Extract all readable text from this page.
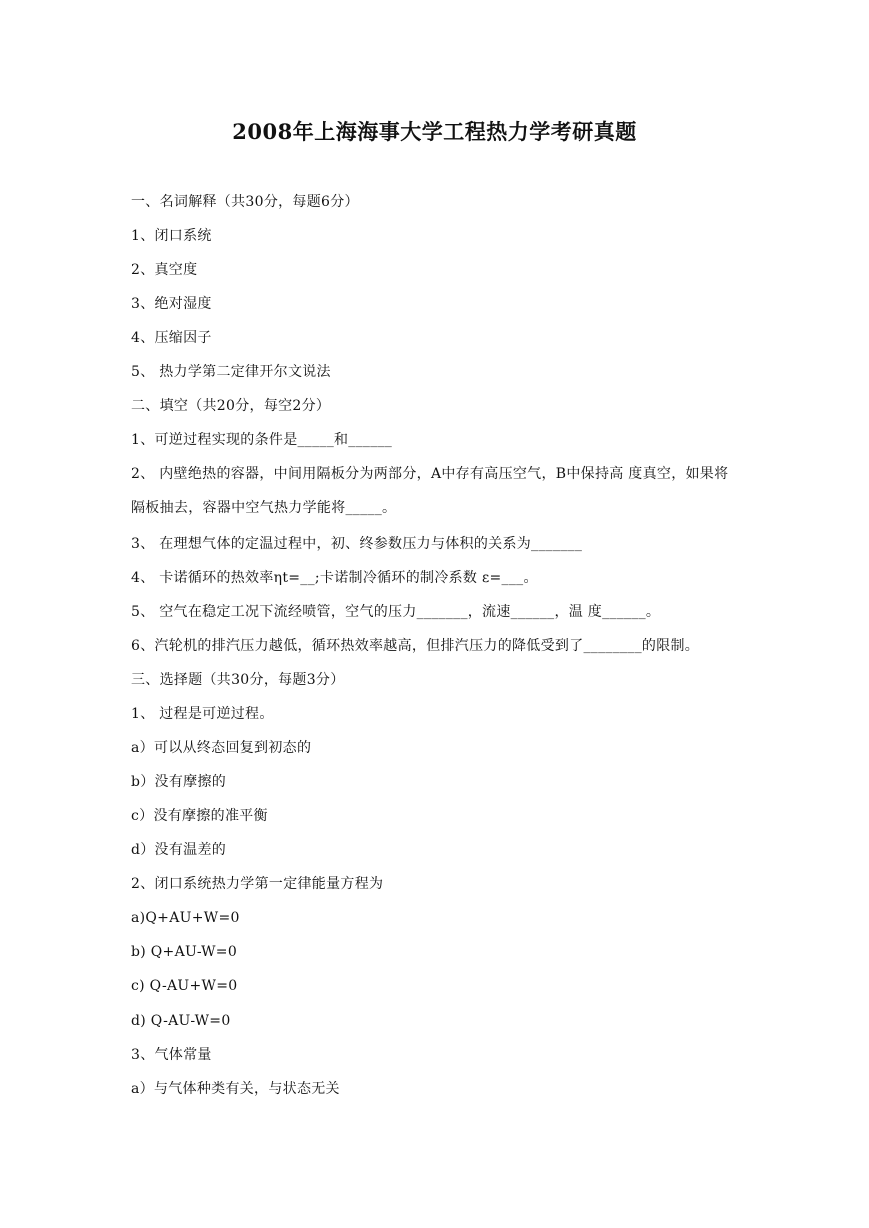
2008年上海海事大学工程热力学考研真题
一、名词解释（共30分，每题6分）
1、闭口系统
2、真空度
3、绝对湿度
4、压缩因子
5、 热力学第二定律开尔文说法
二、填空（共20分，每空2分）
1、可逆过程实现的条件是_____和______
2、 内壁绝热的容器，中间用隔板分为两部分，A中存有高压空气，B中保持高 度真空，如果将隔板抽去，容器中空气热力学能将_____。
3、 在理想气体的定温过程中，初、终参数压力与体积的关系为_______
4、 卡诺循环的热效率ηt=__;卡诺制冷循环的制冷系数 ε=___。
5、 空气在稳定工况下流经喷管，空气的压力_______，流速______，温 度______。
6、汽轮机的排汽压力越低，循环热效率越高，但排汽压力的降低受到了________的限制。
三、选择题（共30分，每题3分）
1、 过程是可逆过程。
a）可以从终态回复到初态的
b）没有摩擦的
c）没有摩擦的准平衡
d）没有温差的
2、闭口系统热力学第一定律能量方程为
a)Q+AU+W=0
b) Q+AU-W=0
c) Q-AU+W=0
d) Q-AU-W=0
3、气体常量
a）与气体种类有关，与状态无关
